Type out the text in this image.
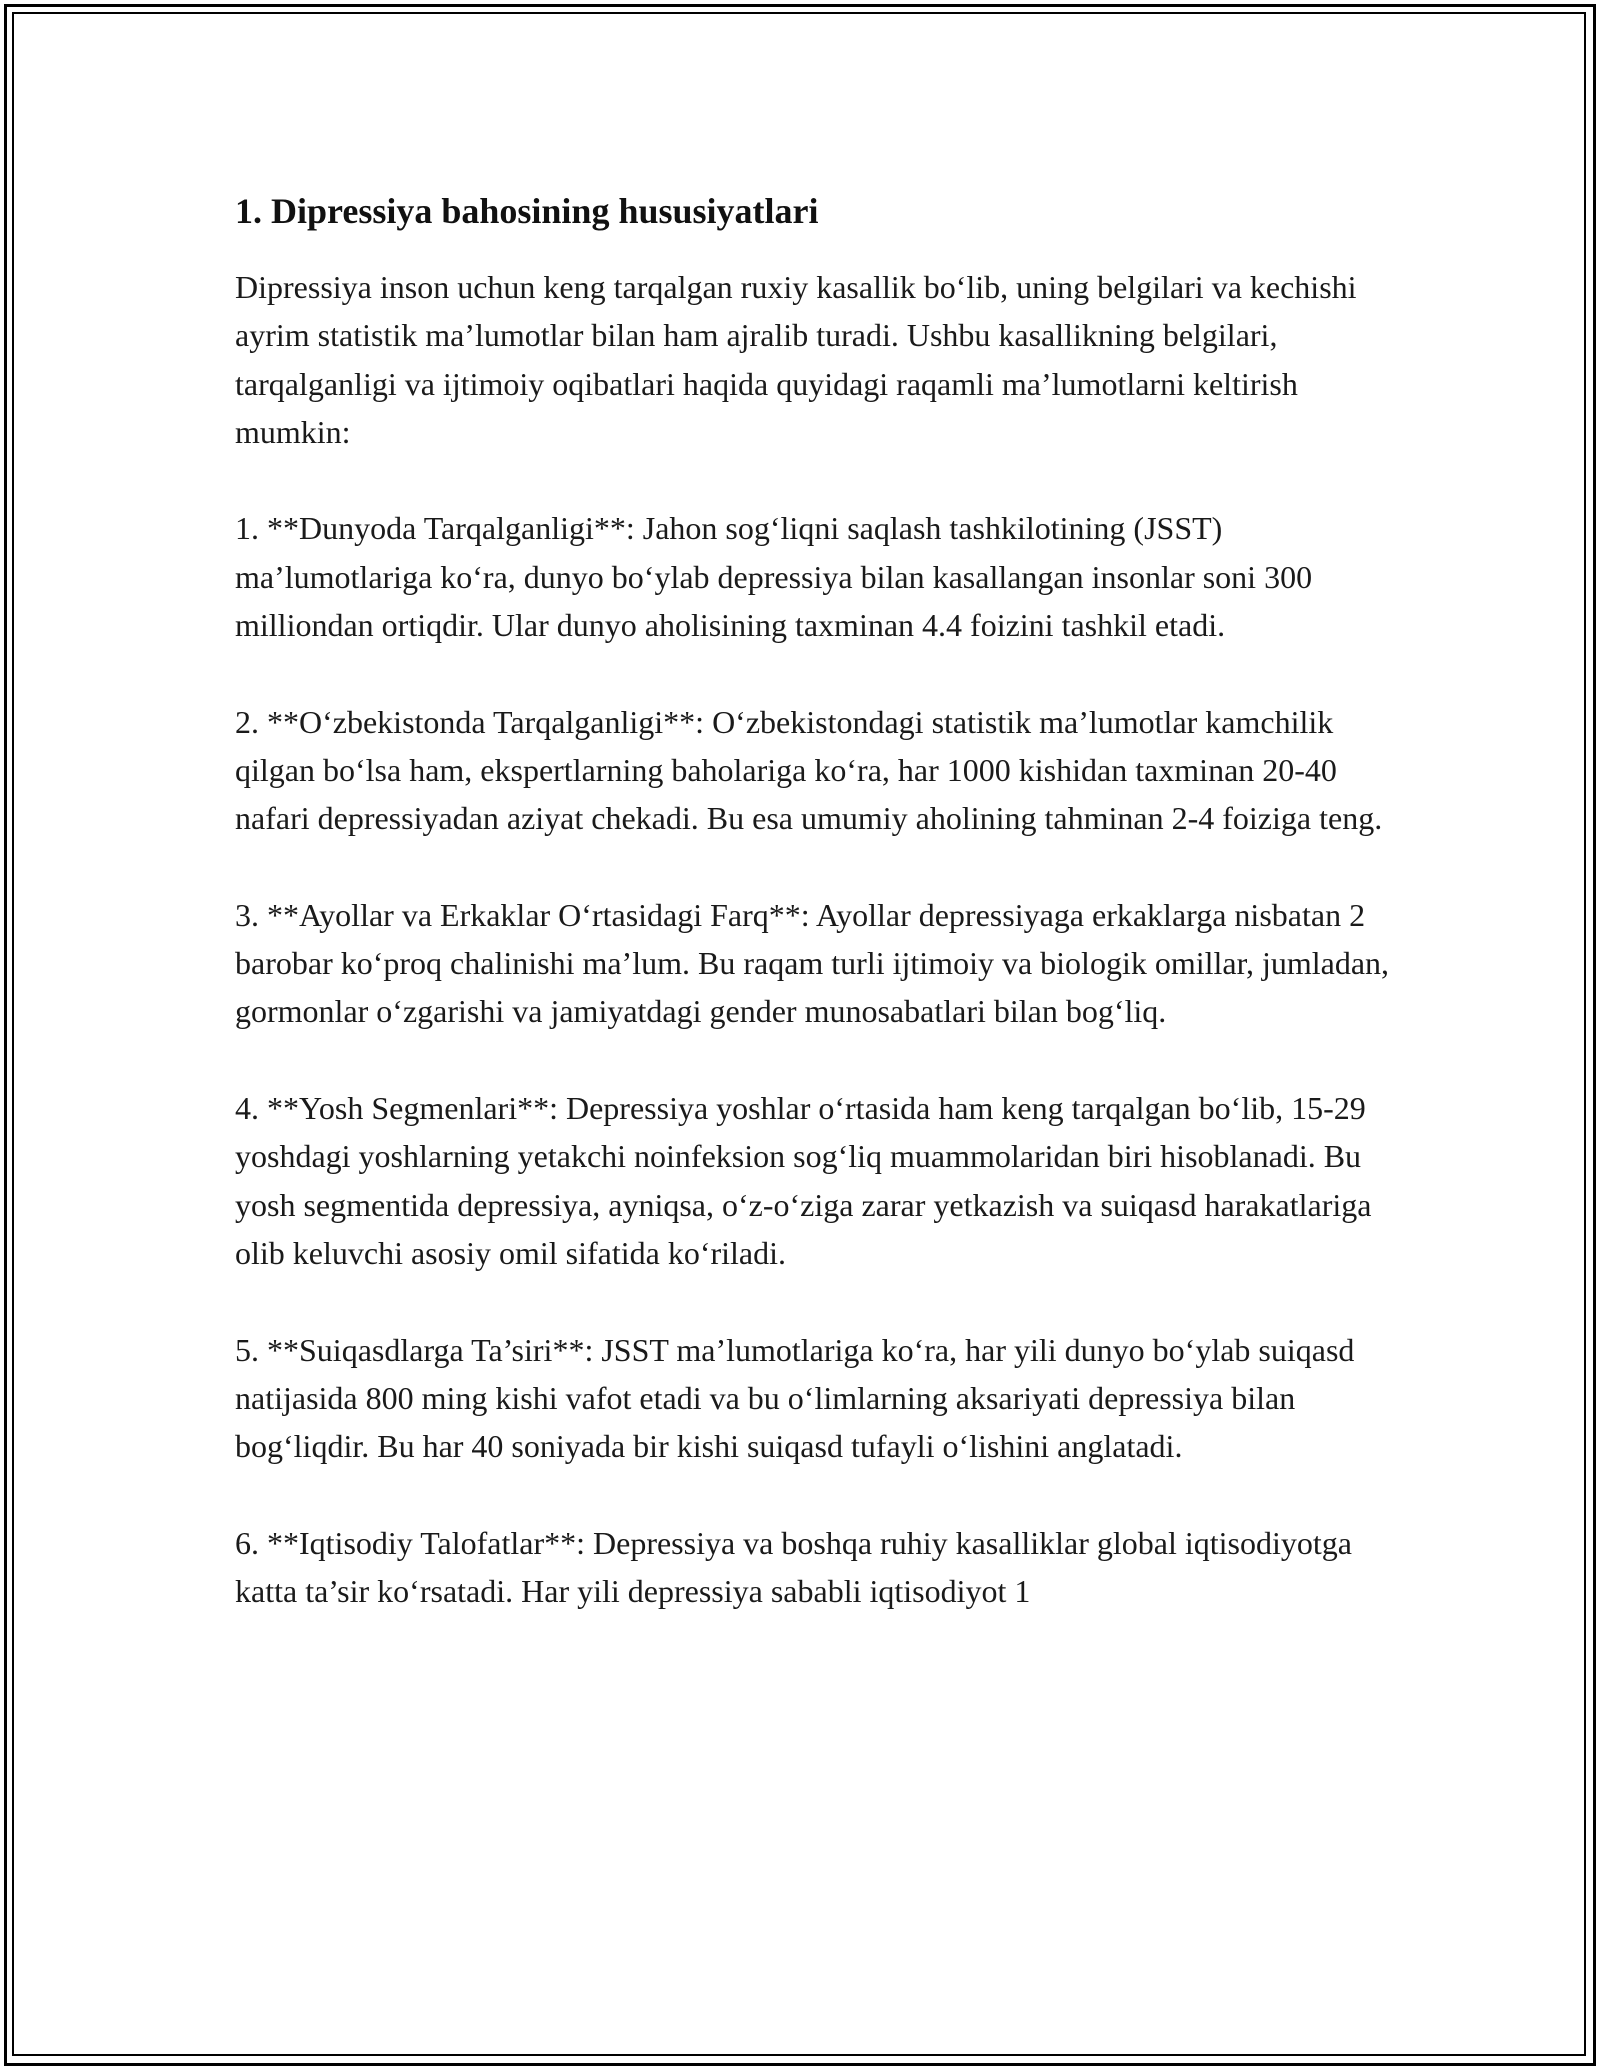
1. Dipressiya bahosining hususiyatlari

Dipressiya inson uchun keng tarqalgan ruxiy kasallik bo‘lib, uning belgilari va kechishi ayrim statistik ma’lumotlar bilan ham ajralib turadi. Ushbu kasallikning belgilari, tarqalganligi va ijtimoiy oqibatlari haqida quyidagi raqamli ma’lumotlarni keltirish mumkin:

1. **Dunyoda Tarqalganligi**: Jahon sog‘liqni saqlash tashkilotining (JSST) ma’lumotlariga ko‘ra, dunyo bo‘ylab depressiya bilan kasallangan insonlar soni 300 milliondan ortiqdir. Ular dunyo aholisining taxminan 4.4 foizini tashkil etadi.

2. **O‘zbekistonda Tarqalganligi**: O‘zbekistondagi statistik ma’lumotlar kamchilik qilgan bo‘lsa ham, ekspertlarning baholariga ko‘ra, har 1000 kishidan taxminan 20-40 nafari depressiyadan aziyat chekadi. Bu esa umumiy aholining tahminan 2-4 foiziga teng.

3. **Ayollar va Erkaklar O‘rtasidagi Farq**: Ayollar depressiyaga erkaklarga nisbatan 2 barobar ko‘proq chalinishi ma’lum. Bu raqam turli ijtimoiy va biologik omillar, jumladan, gormonlar o‘zgarishi va jamiyatdagi gender munosabatlari bilan bog‘liq.

4. **Yosh Segmenlari**: Depressiya yoshlar o‘rtasida ham keng tarqalgan bo‘lib, 15-29 yoshdagi yoshlarning yetakchi noinfeksion sog‘liq muammolaridan biri hisoblanadi. Bu yosh segmentida depressiya, ayniqsa, o‘z-o‘ziga zarar yetkazish va suiqasd harakatlariga olib keluvchi asosiy omil sifatida ko‘riladi.

5. **Suiqasdlarga Ta’siri**: JSST ma’lumotlariga ko‘ra, har yili dunyo bo‘ylab suiqasd natijasida 800 ming kishi vafot etadi va bu o‘limlarning aksariyati depressiya bilan bog‘liqdir. Bu har 40 soniyada bir kishi suiqasd tufayli o‘lishini anglatadi.

6. **Iqtisodiy Talofatlar**: Depressiya va boshqa ruhiy kasalliklar global iqtisodiyotga katta ta’sir ko‘rsatadi. Har yili depressiya sababli iqtisodiyot 1
